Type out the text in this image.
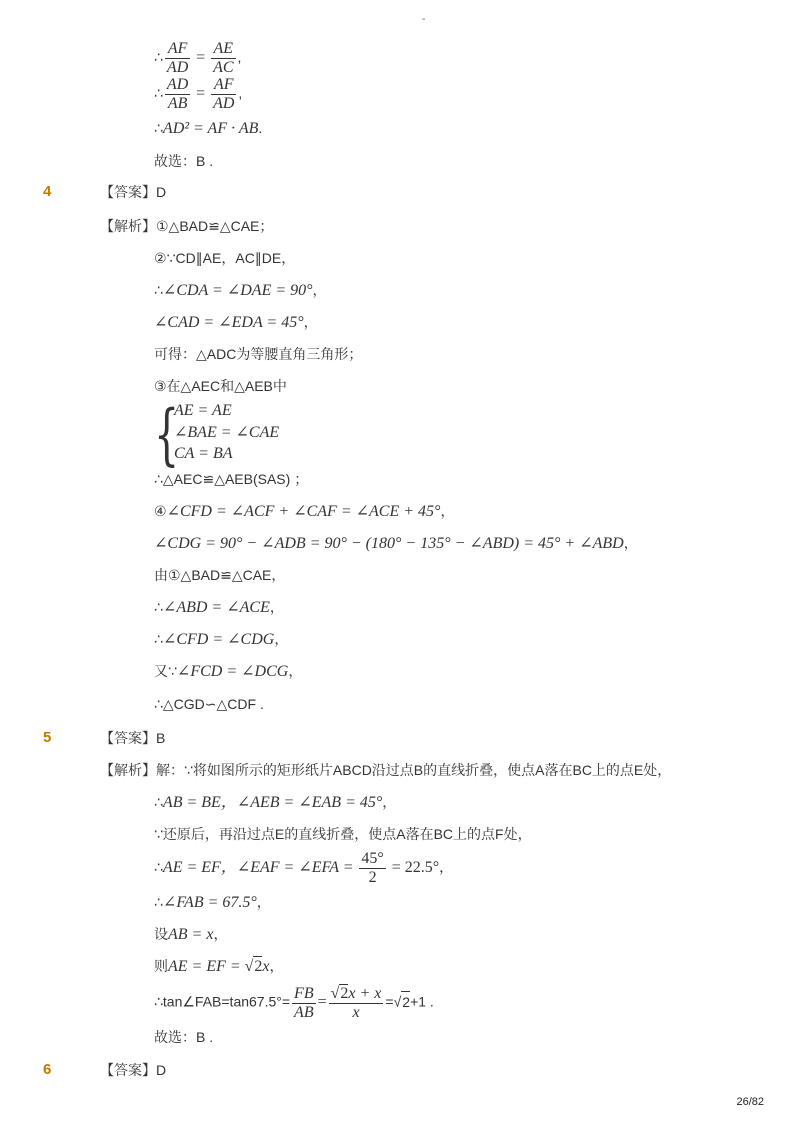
-
∴ $\frac{AF}{AD} = \frac{AE}{AC}$ ,
∴ $\frac{AD}{AB} = \frac{AF}{AD}$ ,
∴AD² = AF · AB.
故选：B .
4	【答案】D
【解析】 ①△BAD≌△CAE；
②∵CD∥AE，AC∥DE，
∴∠CDA = ∠DAE = 90°，
∠CAD = ∠EDA = 45°，
可得：△ADC为等腰直角三角形；
③在△AEC和△AEB中
{
AE = AE
∠BAE = ∠CAE
CA = BA
∴△AEC≌△AEB(SAS) ；
④∠CFD = ∠ACF + ∠CAF = ∠ACE + 45°，
∠CDG = 90° − ∠ADB = 90° − (180° − 135° − ∠ABD) = 45° + ∠ABD，
由①△BAD≌△CAE，
∴∠ABD = ∠ACE，
∴∠CFD = ∠CDG，
又∵∠FCD = ∠DCG，
∴△CGD∽△CDF .
5	【答案】B
【解析】 解：∵将如图所示的矩形纸片ABCD沿过点B的直线折叠，使点A落在BC上的点E处，
∴AB = BE，∠AEB = ∠EAB = 45°，
∵还原后，再沿过点E的直线折叠，使点A落在BC上的点F处，
∴AE = EF，∠EAF = ∠EFA = $\frac{45^\circ}{2} = 22.5^\circ$，
∴∠FAB = 67.5°，
设AB = x，
则AE = EF = √2x，
∴tan∠FAB=tan67.5°= $\frac{FB}{AB} = \frac{√2x + x}{x} =√2+1$ .
故选：B .
6	【答案】D
26/82
